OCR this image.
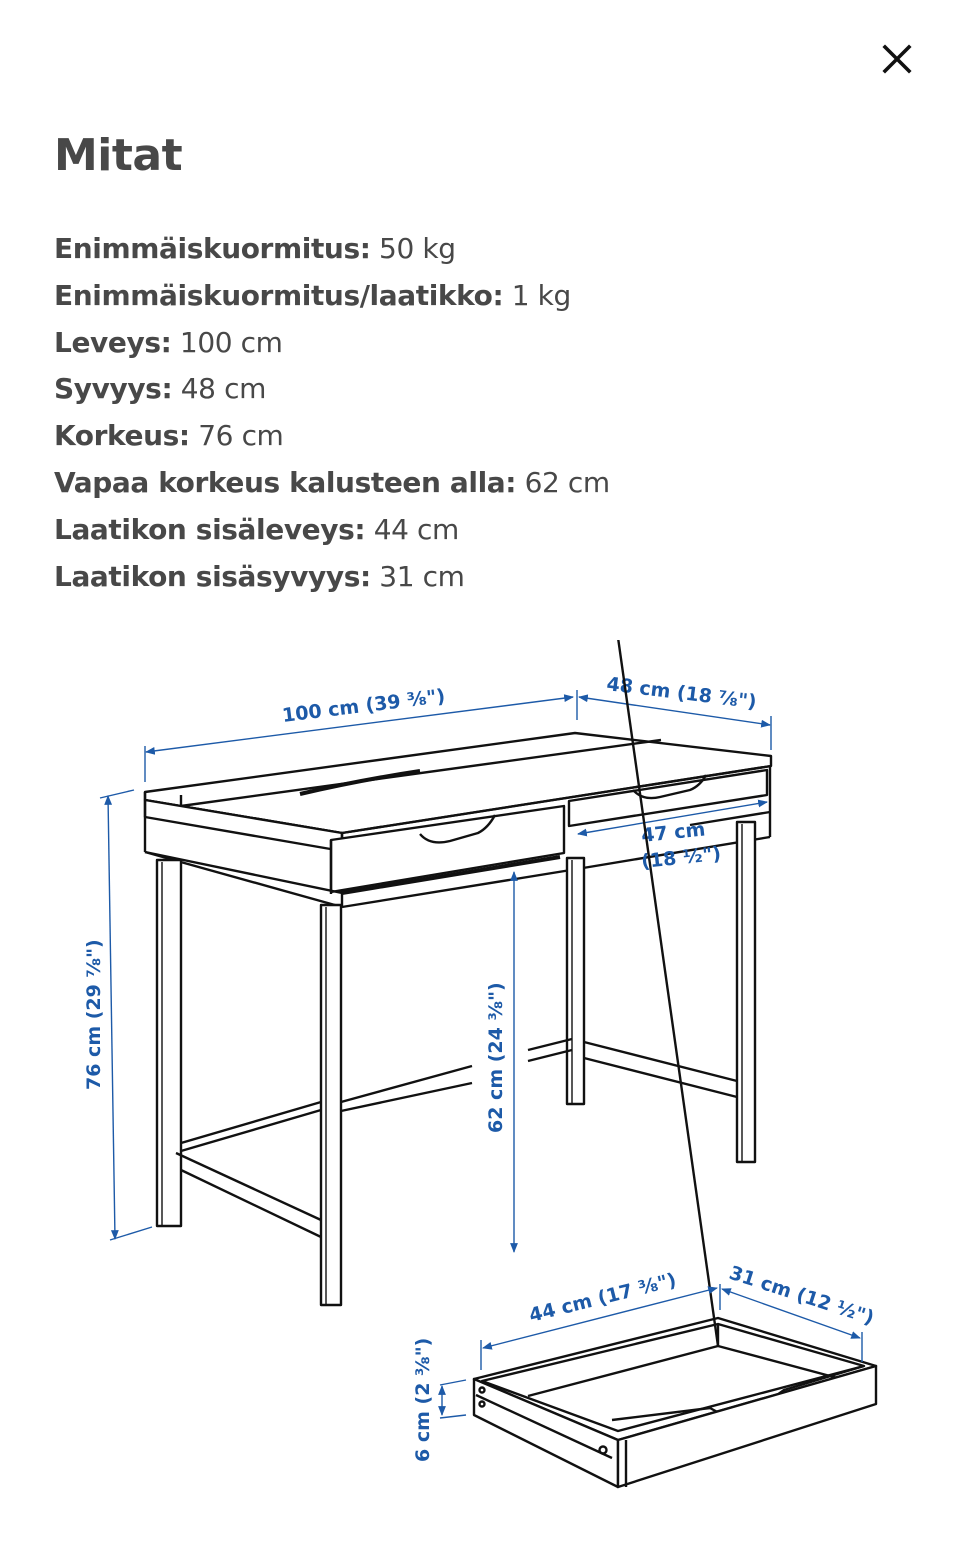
Mitat
Enimmäiskuormitus: 50 kg
Enimmäiskuormitus/laatikko: 1 kg
Leveys: 100 cm
Syvyys: 48 cm
Korkeus: 76 cm
Vapaa korkeus kalusteen alla: 62 cm
Laatikon sisäleveys: 44 cm
Laatikon sisäsyvyys: 31 cm
100 cm (39 ⅜")	48 cm (18 ⅞")
47 cm
(18 ½")
76 cm (29 ⅞")	62 cm (24 ⅜")
44 cm (17 ⅜")	31 cm (12 ½")
6 cm (2 ⅜")
